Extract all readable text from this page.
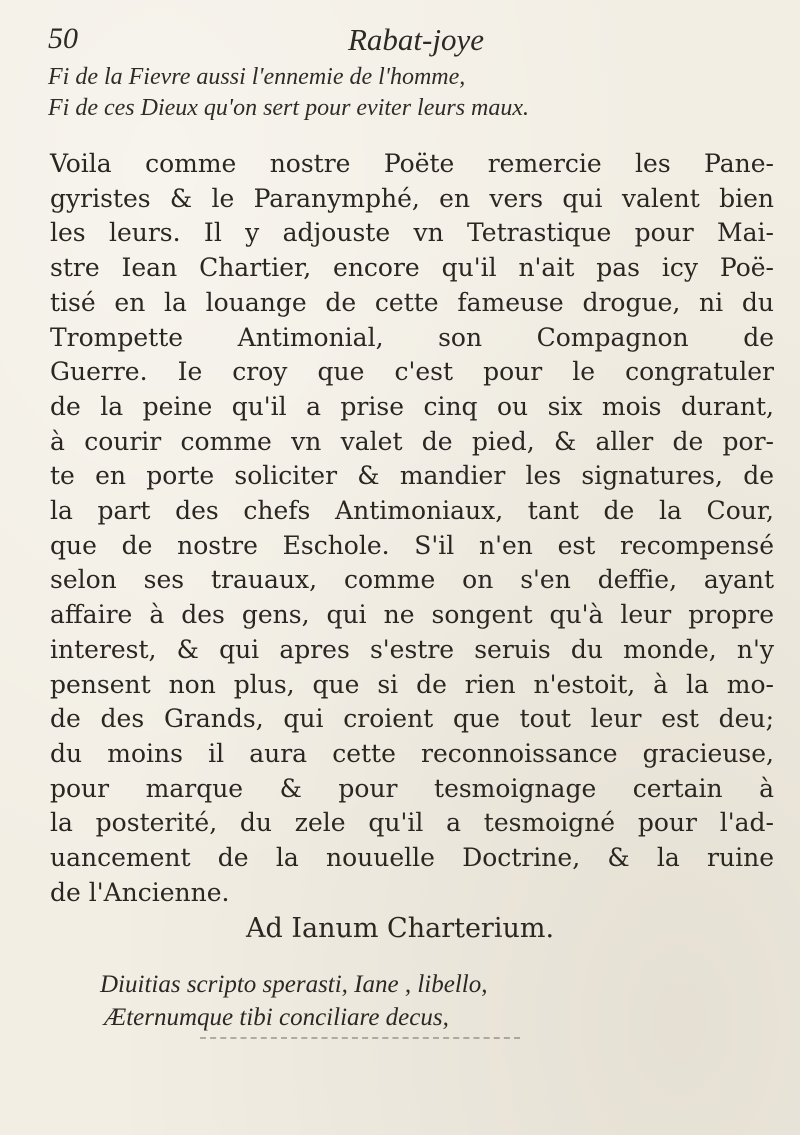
50	Rabat-joye
Fi de la Fievre aussi l'ennemie de l'homme,
Fi de ces Dieux qu'on sert pour eviter leurs maux.
Voila comme nostre Poëte remercie les Pane-
gyristes & le Paranymphé, en vers qui valent bien
les leurs. Il y adjouste vn Tetrastique pour Mai-
stre Iean Chartier, encore qu'il n'ait pas icy Poë-
tisé en la louange de cette fameuse drogue, ni du
Trompette Antimonial, son Compagnon de
Guerre. Ie croy que c'est pour le congratuler
de la peine qu'il a prise cinq ou six mois durant,
à courir comme vn valet de pied, & aller de por-
te en porte soliciter & mandier les signatures, de
la part des chefs Antimoniaux, tant de la Cour,
que de nostre Eschole. S'il n'en est recompensé
selon ses trauaux, comme on s'en deffie, ayant
affaire à des gens, qui ne songent qu'à leur propre
interest, & qui apres s'estre seruis du monde, n'y
pensent non plus, que si de rien n'estoit, à la mo-
de des Grands, qui croient que tout leur est deu;
du moins il aura cette reconnoissance gracieuse,
pour marque & pour tesmoignage certain à
la posterité, du zele qu'il a tesmoigné pour l'ad-
uancement de la nouuelle Doctrine, & la ruine
de l'Ancienne.
Ad Ianum Charterium.
Diuitias scripto sperasti, Iane , libello,
Æternumque tibi conciliare decus,
